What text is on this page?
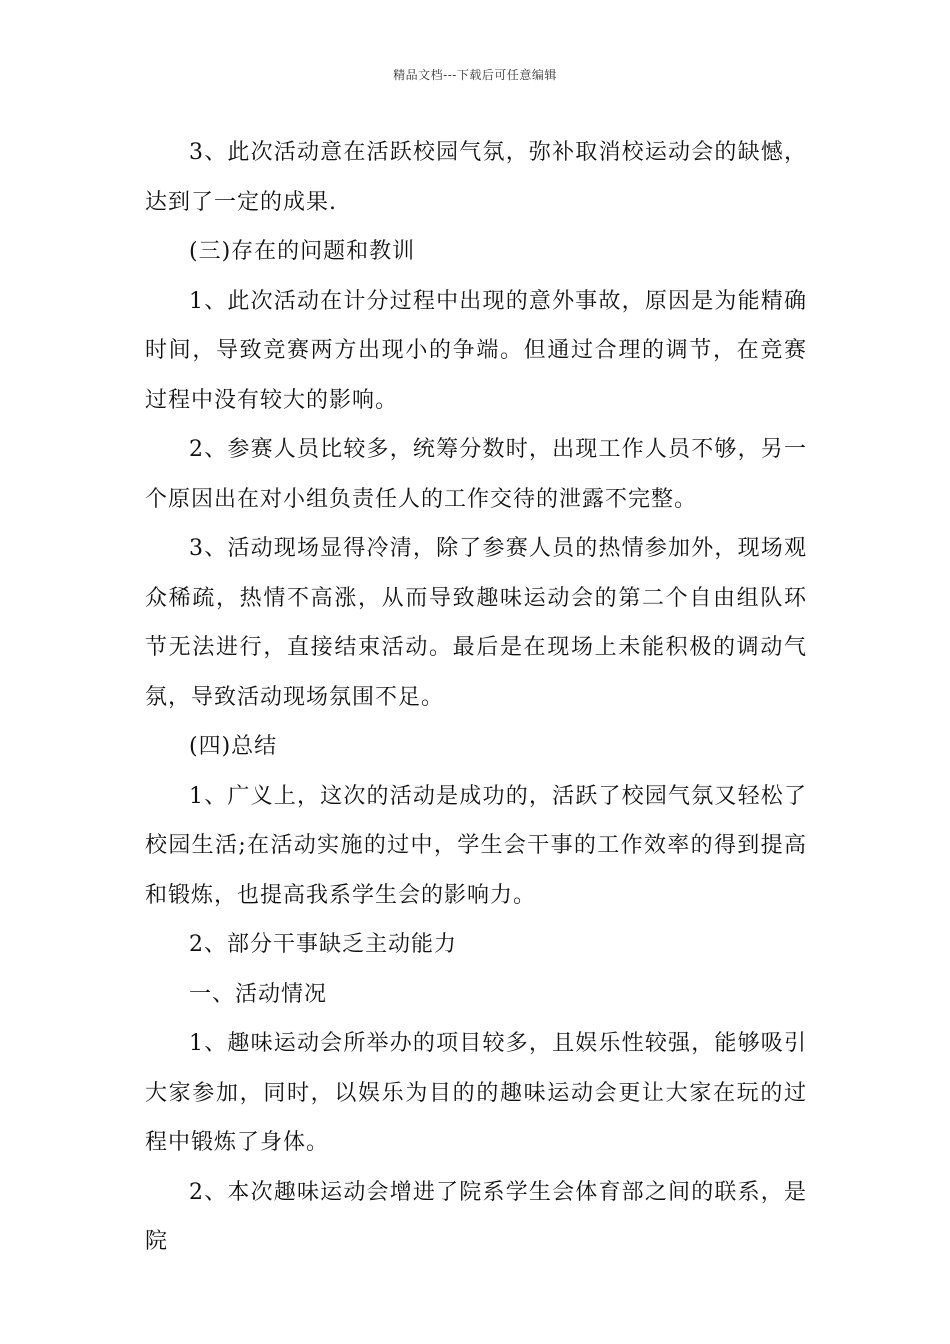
精品文档---下载后可任意编辑

3、此次活动意在活跃校园气氛，弥补取消校运动会的缺憾，达到了一定的成果.

(三)存在的问题和教训

1、此次活动在计分过程中出现的意外事故，原因是为能精确时间，导致竞赛两方出现小的争端。但通过合理的调节，在竞赛过程中没有较大的影响。

2、参赛人员比较多，统筹分数时，出现工作人员不够，另一个原因出在对小组负责任人的工作交待的泄露不完整。

3、活动现场显得冷清，除了参赛人员的热情参加外，现场观众稀疏，热情不高涨，从而导致趣味运动会的第二个自由组队环节无法进行，直接结束活动。最后是在现场上未能积极的调动气氛，导致活动现场氛围不足。

(四)总结

1、广义上，这次的活动是成功的，活跃了校园气氛又轻松了校园生活;在活动实施的过中，学生会干事的工作效率的得到提高和锻炼，也提高我系学生会的影响力。

2、部分干事缺乏主动能力

一、活动情况

1、趣味运动会所举办的项目较多，且娱乐性较强，能够吸引大家参加，同时，以娱乐为目的的趣味运动会更让大家在玩的过程中锻炼了身体。

2、本次趣味运动会增进了院系学生会体育部之间的联系，是院
